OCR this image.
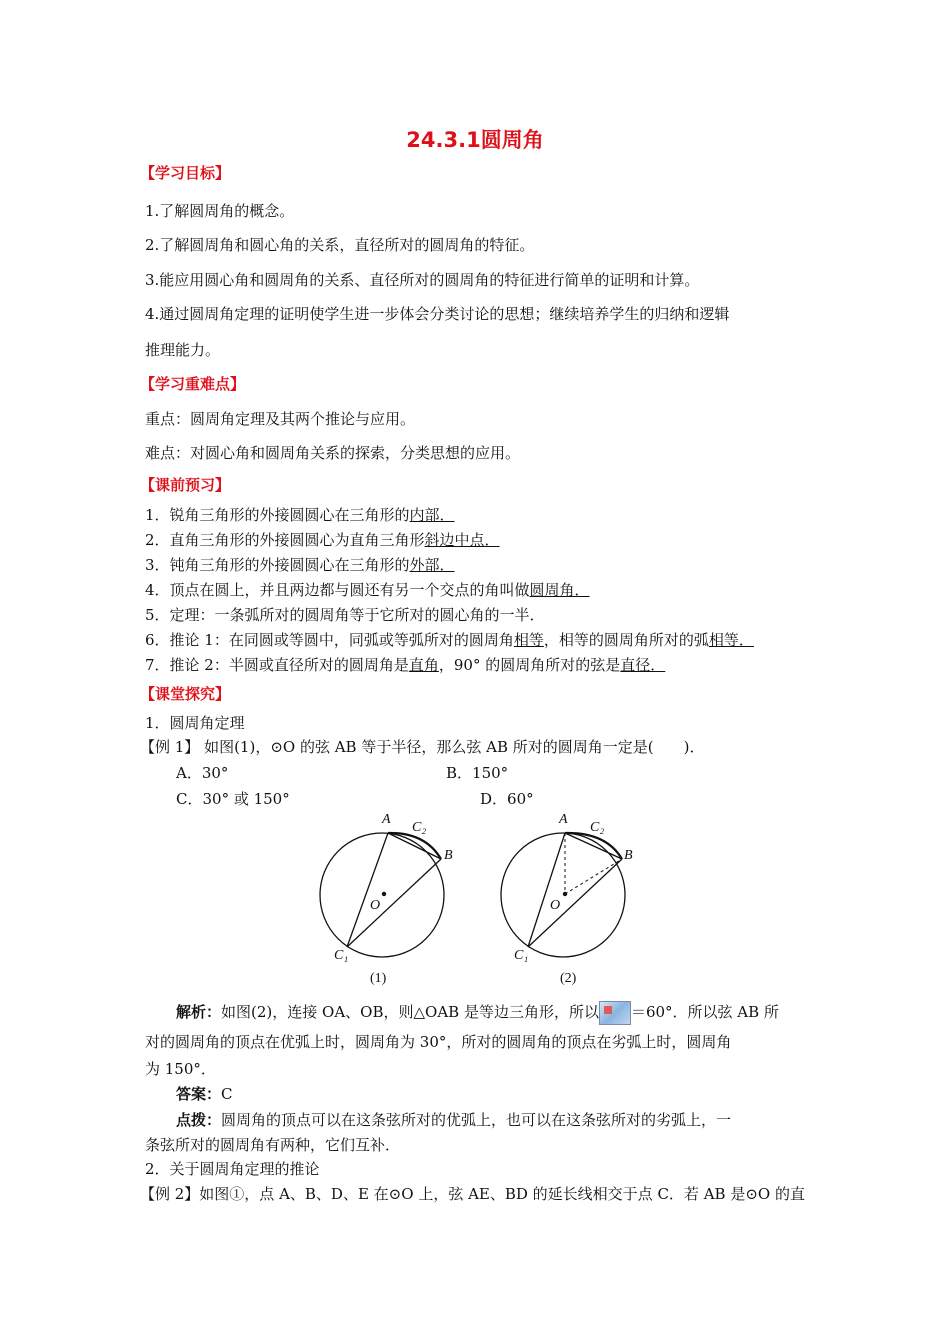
24.3.1圆周角
【学习目标】
1.了解圆周角的概念。
2.了解圆周角和圆心角的关系，直径所对的圆周角的特征。
3.能应用圆心角和圆周角的关系、直径所对的圆周角的特征进行简单的证明和计算。
4.通过圆周角定理的证明使学生进一步体会分类讨论的思想；继续培养学生的归纳和逻辑
推理能力。
【学习重难点】
重点：圆周角定理及其两个推论与应用。
难点：对圆心角和圆周角关系的探索，分类思想的应用。
【课前预习】
1．锐角三角形的外接圆圆心在三角形的内部．
2．直角三角形的外接圆圆心为直角三角形斜边中点．
3．钝角三角形的外接圆圆心在三角形的外部．
4．顶点在圆上，并且两边都与圆还有另一个交点的角叫做圆周角．
5．定理：一条弧所对的圆周角等于它所对的圆心角的一半．
6．推论 1：在同圆或等圆中，同弧或等弧所对的圆周角相等，相等的圆周角所对的弧相等．
7．推论 2：半圆或直径所对的圆周角是直角，90° 的圆周角所对的弦是直径．
【课堂探究】
1．圆周角定理
【例 1】 如图(1)，⊙O 的弦 AB 等于半径，那么弦 AB 所对的圆周角一定是(　　)．
A．30°	B．150°
C．30° 或 150°	D．60°
A
C₂
B
O
C₁
(1)
A
C₂
B
O
C₁
(2)
解析：如图(2)，连接 OA、OB，则△OAB 是等边三角形，所以 ＝60°．所以弦 AB 所
对的圆周角的顶点在优弧上时，圆周角为 30°，所对的圆周角的顶点在劣弧上时，圆周角
为 150°．
答案：C
点拨：圆周角的顶点可以在这条弦所对的优弧上，也可以在这条弦所对的劣弧上，一
条弦所对的圆周角有两种，它们互补．
2．关于圆周角定理的推论
【例 2】如图①，点 A、B、D、E 在⊙O 上，弦 AE、BD 的延长线相交于点 C．若 AB 是⊙O 的直
